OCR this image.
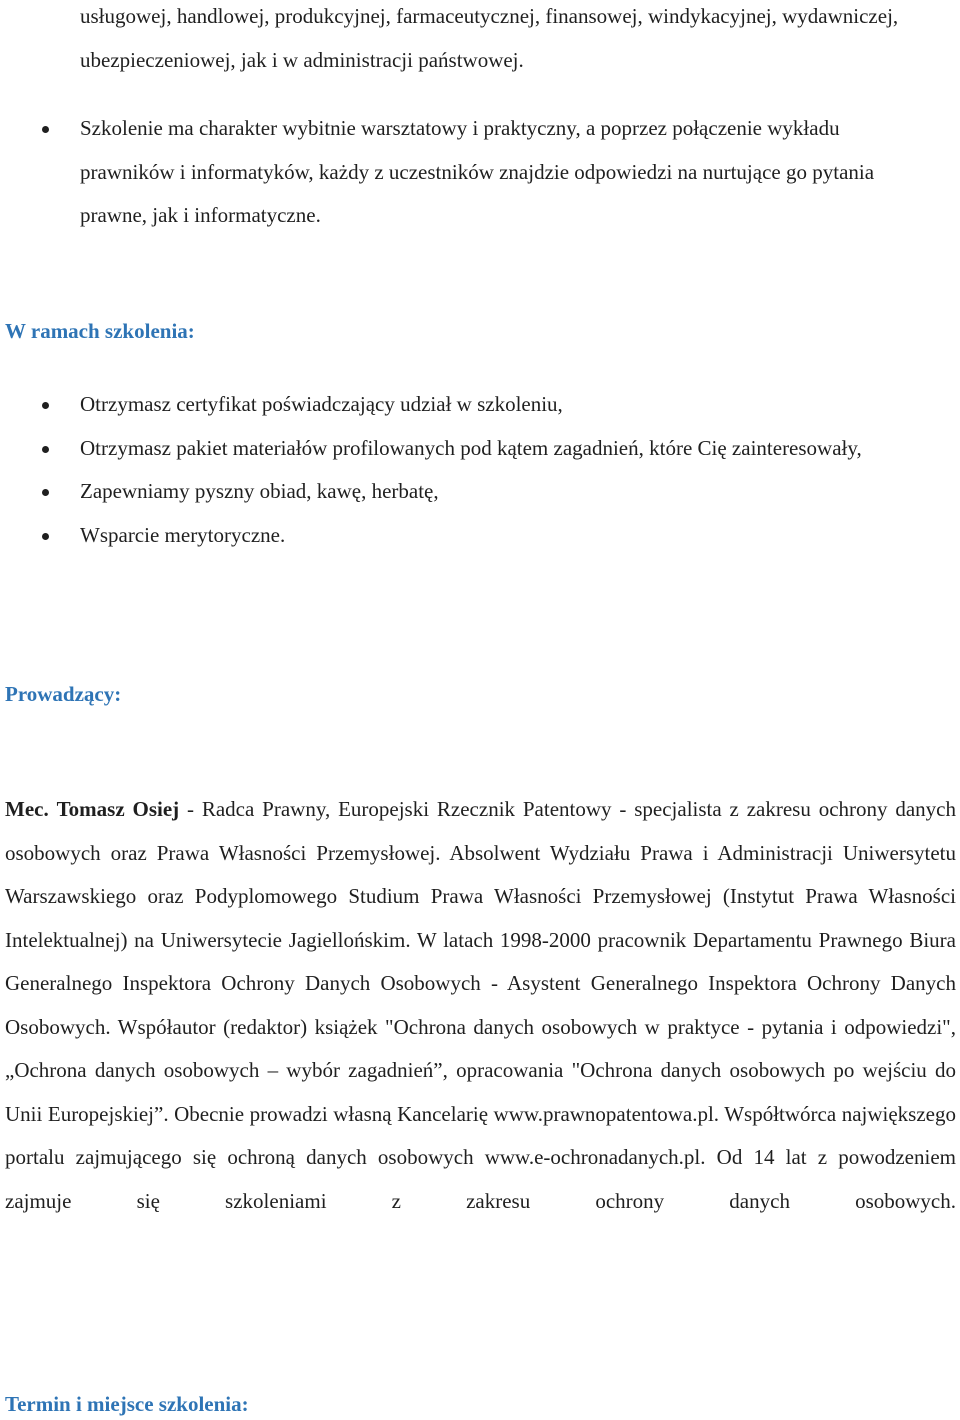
usługowej, handlowej, produkcyjnej, farmaceutycznej, finansowej, windykacyjnej, wydawniczej, ubezpieczeniowej, jak i w administracji państwowej.
Szkolenie ma charakter wybitnie warsztatowy i praktyczny, a poprzez połączenie wykładu prawników i informatyków, każdy z uczestników znajdzie odpowiedzi na nurtujące go pytania prawne, jak i informatyczne.
W ramach szkolenia:
Otrzymasz certyfikat poświadczający udział w szkoleniu,
Otrzymasz pakiet materiałów profilowanych pod kątem zagadnień, które Cię zainteresowały,
Zapewniamy pyszny obiad, kawę, herbatę,
Wsparcie merytoryczne.
Prowadzący:
Mec. Tomasz Osiej - Radca Prawny, Europejski Rzecznik Patentowy - specjalista z zakresu ochrony danych osobowych oraz Prawa Własności Przemysłowej. Absolwent Wydziału Prawa i Administracji Uniwersytetu Warszawskiego oraz Podyplomowego Studium Prawa Własności Przemysłowej (Instytut Prawa Własności Intelektualnej) na Uniwersytecie Jagiellońskim. W latach 1998-2000 pracownik Departamentu Prawnego Biura Generalnego Inspektora Ochrony Danych Osobowych - Asystent Generalnego Inspektora Ochrony Danych Osobowych. Współautor (redaktor) książek "Ochrona danych osobowych w praktyce - pytania i odpowiedzi", „Ochrona danych osobowych – wybór zagadnień”, opracowania "Ochrona danych osobowych po wejściu do Unii Europejskiej”. Obecnie prowadzi własną Kancelarię www.prawnopatentowa.pl. Współtwórca największego portalu zajmującego się ochroną danych osobowych www.e-ochronadanych.pl. Od 14 lat z powodzeniem zajmuje się szkoleniami z zakresu ochrony danych osobowych.
Termin i miejsce szkolenia:
